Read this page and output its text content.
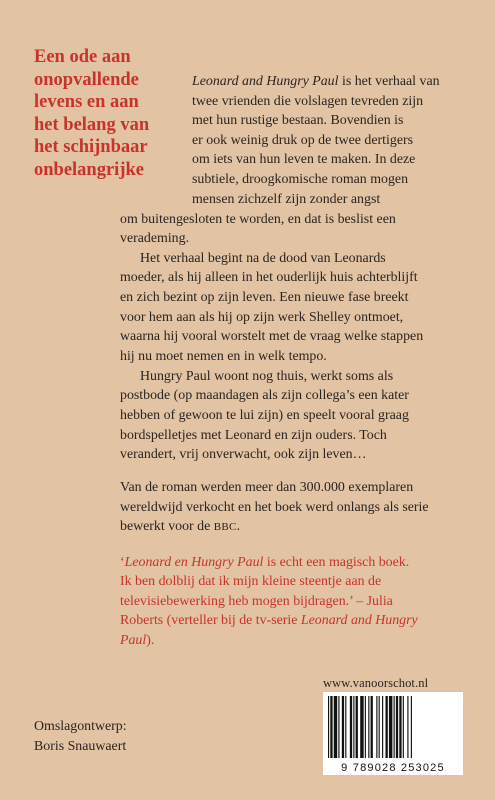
Een ode aan
onopvallende
levens en aan
het belang van
het schijnbaar
onbelangrijke
Leonard and Hungry Paul is het verhaal van
twee vrienden die volslagen tevreden zijn
met hun rustige bestaan. Bovendien is
er ook weinig druk op de twee dertigers
om iets van hun leven te maken. In deze
subtiele, droogkomische roman mogen
mensen zichzelf zijn zonder angst
om buitengesloten te worden, en dat is beslist een
verademing.
Het verhaal begint na de dood van Leonards
moeder, als hij alleen in het ouderlijk huis achterblijft
en zich bezint op zijn leven. Een nieuwe fase breekt
voor hem aan als hij op zijn werk Shelley ontmoet,
waarna hij vooral worstelt met de vraag welke stappen
hij nu moet nemen en in welk tempo.
Hungry Paul woont nog thuis, werkt soms als
postbode (op maandagen als zijn collega’s een kater
hebben of gewoon te lui zijn) en speelt vooral graag
bordspelletjes met Leonard en zijn ouders. Toch
verandert, vrij onverwacht, ook zijn leven…
Van de roman werden meer dan 300.000 exemplaren
wereldwijd verkocht en het boek werd onlangs als serie
bewerkt voor de BBC.
‘Leonard en Hungry Paul is echt een magisch boek.
Ik ben dolblij dat ik mijn kleine steentje aan de
televisiebewerking heb mogen bijdragen.’ – Julia
Roberts (verteller bij de tv-serie Leonard and Hungry
Paul).
Omslagontwerp:
Boris Snauwaert
www.vanoorschot.nl
9 789028 253025
